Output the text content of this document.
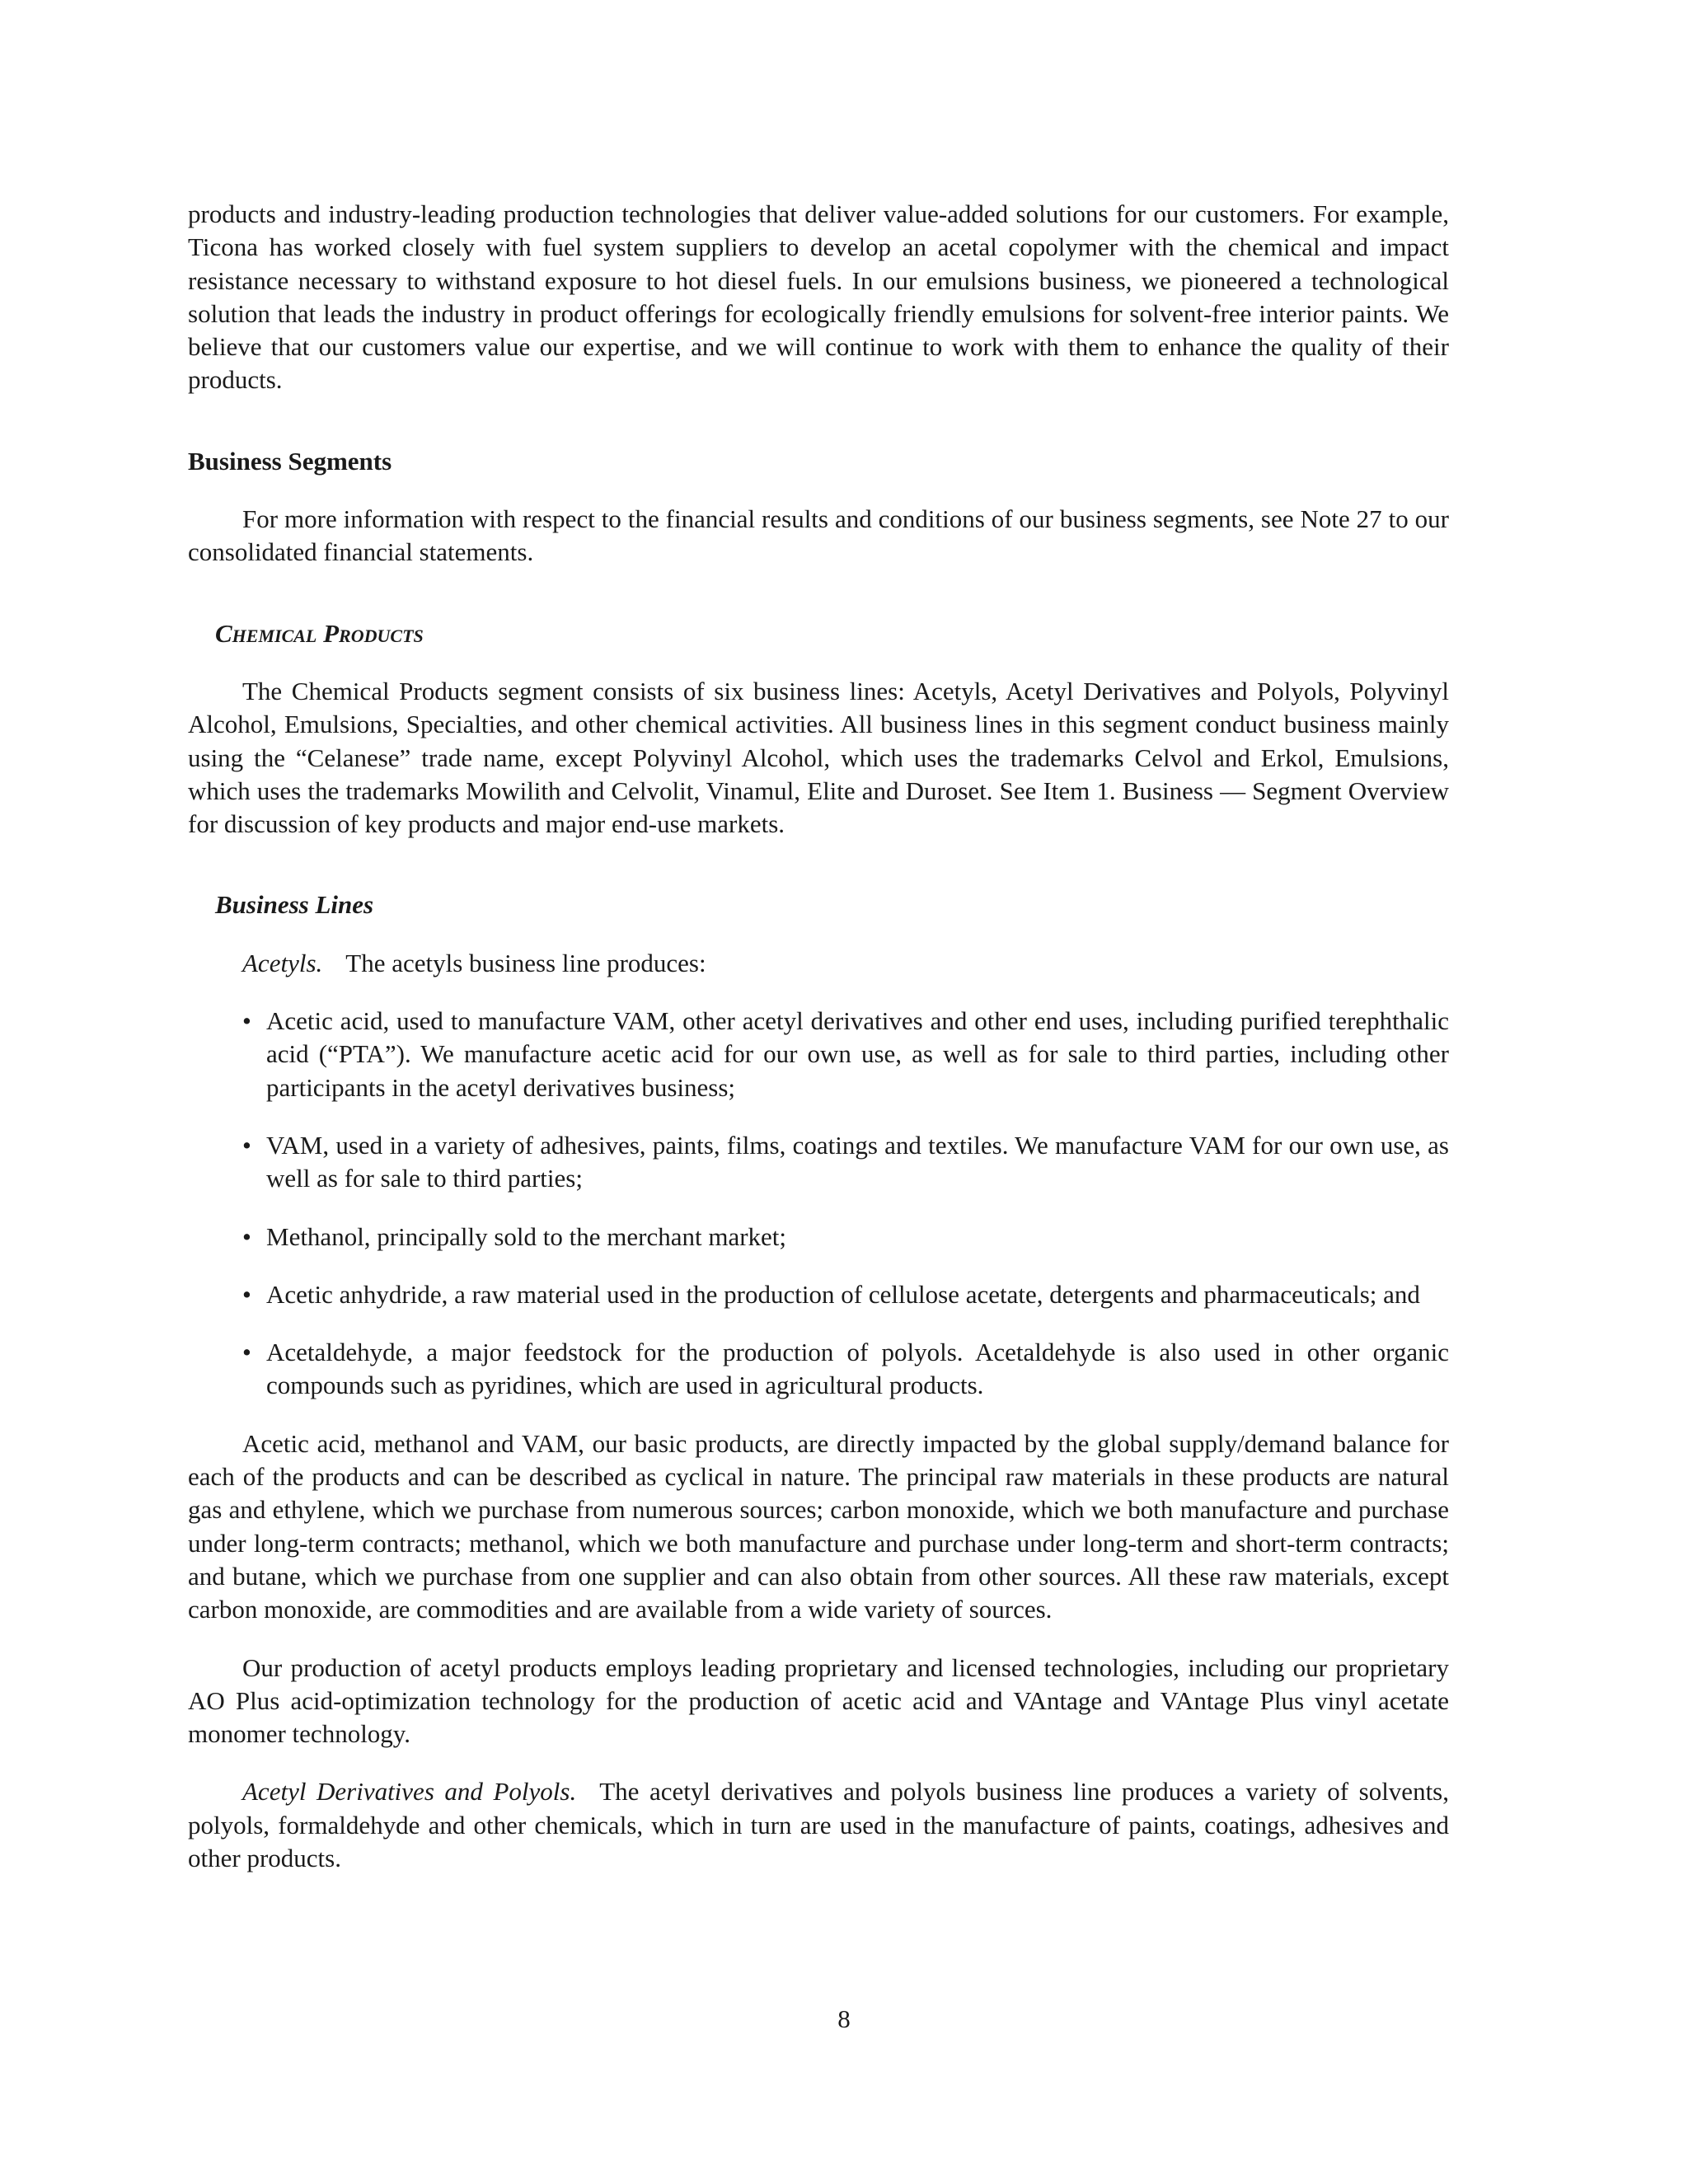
products and industry-leading production technologies that deliver value-added solutions for our customers. For example, Ticona has worked closely with fuel system suppliers to develop an acetal copolymer with the chemical and impact resistance necessary to withstand exposure to hot diesel fuels. In our emulsions business, we pioneered a technological solution that leads the industry in product offerings for ecologically friendly emulsions for solvent-free interior paints. We believe that our customers value our expertise, and we will continue to work with them to enhance the quality of their products.

Business Segments

For more information with respect to the financial results and conditions of our business segments, see Note 27 to our consolidated financial statements.

Chemical Products

The Chemical Products segment consists of six business lines: Acetyls, Acetyl Derivatives and Polyols, Polyvinyl Alcohol, Emulsions, Specialties, and other chemical activities. All business lines in this segment conduct business mainly using the “Celanese” trade name, except Polyvinyl Alcohol, which uses the trademarks Celvol and Erkol, Emulsions, which uses the trademarks Mowilith and Celvolit, Vinamul, Elite and Duroset. See Item 1. Business — Segment Overview for discussion of key products and major end-use markets.

Business Lines

Acetyls. The acetyls business line produces:

• Acetic acid, used to manufacture VAM, other acetyl derivatives and other end uses, including purified terephthalic acid (“PTA”). We manufacture acetic acid for our own use, as well as for sale to third parties, including other participants in the acetyl derivatives business;
• VAM, used in a variety of adhesives, paints, films, coatings and textiles. We manufacture VAM for our own use, as well as for sale to third parties;
• Methanol, principally sold to the merchant market;
• Acetic anhydride, a raw material used in the production of cellulose acetate, detergents and pharmaceuticals; and
• Acetaldehyde, a major feedstock for the production of polyols. Acetaldehyde is also used in other organic compounds such as pyridines, which are used in agricultural products.

Acetic acid, methanol and VAM, our basic products, are directly impacted by the global supply/demand balance for each of the products and can be described as cyclical in nature. The principal raw materials in these products are natural gas and ethylene, which we purchase from numerous sources; carbon monoxide, which we both manufacture and purchase under long-term contracts; methanol, which we both manufacture and purchase under long-term and short-term contracts; and butane, which we purchase from one supplier and can also obtain from other sources. All these raw materials, except carbon monoxide, are commodities and are available from a wide variety of sources.

Our production of acetyl products employs leading proprietary and licensed technologies, including our proprietary AO Plus acid-optimization technology for the production of acetic acid and VAntage and VAntage Plus vinyl acetate monomer technology.

Acetyl Derivatives and Polyols. The acetyl derivatives and polyols business line produces a variety of solvents, polyols, formaldehyde and other chemicals, which in turn are used in the manufacture of paints, coatings, adhesives and other products.

8
